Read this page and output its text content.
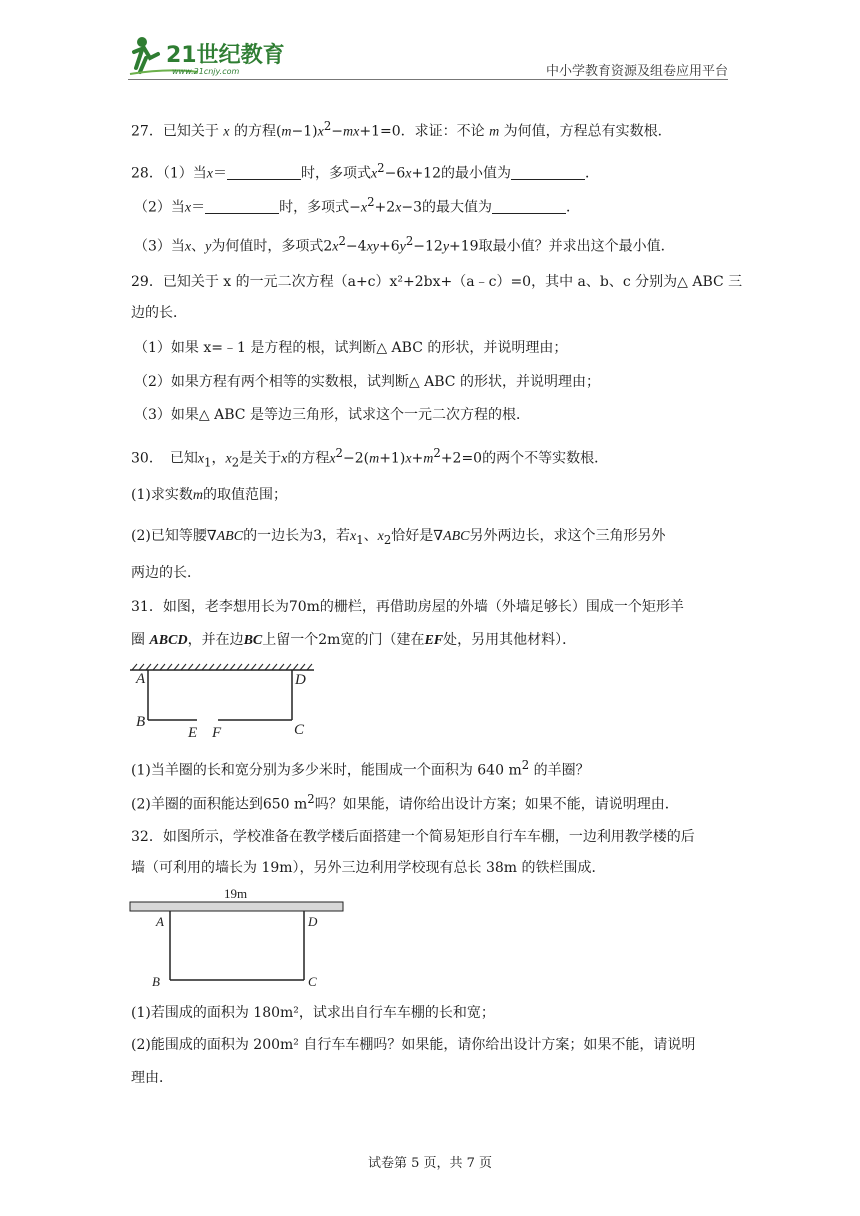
21世纪教育
www.21cnjy.com	中小学教育资源及组卷应用平台
27．已知关于 x 的方程$(m-1)x^2-mx+1=0$．求证：不论 m 为何值，方程总有实数根．
28．（1）当x＝	时，多项式$x^2-6x+12$的最小值为	．
（2）当x＝	时，多项式$-x^2+2x-3$的最大值为	．
（3）当x、y为何值时，多项式$2x^2-4xy+6y^2-12y+19$取最小值？并求出这个最小值．
29．已知关于 x 的一元二次方程（a+c）x²+2bx+（a﹣c）=0，其中 a、b、c 分别为△ ABC 三
边的长．
（1）如果 x=﹣1 是方程的根，试判断△ ABC 的形状，并说明理由；
（2）如果方程有两个相等的实数根，试判断△ ABC 的形状，并说明理由；
（3）如果△ ABC 是等边三角形，试求这个一元二次方程的根．
30．　已知$x_1$，$x_2$是关于x的方程$x^2-2(m+1)x+m^2+2=0$的两个不等实数根．
(1)求实数m的取值范围；
(2)已知等腰∇ABC的一边长为3，若$x_1$、$x_2$恰好是∇ABC另外两边长，求这个三角形另外
两边的长．
31．如图，老李想用长为70m的栅栏，再借助房屋的外墙（外墙足够长）围成一个矩形羊
圈 ABCD，并在边BC上留一个2m宽的门（建在EF处，另用其他材料）．
A
B	C
D
E F
(1)当羊圈的长和宽分别为多少米时，能围成一个面积为 640 $m^2$ 的羊圈？
(2)羊圈的面积能达到650 $m^2$吗？如果能，请你给出设计方案；如果不能，请说明理由．
32．如图所示，学校准备在教学楼后面搭建一个简易矩形自行车车棚，一边利用教学楼的后
墙（可利用的墙长为 19m），另外三边利用学校现有总长 38m 的铁栏围成．
19m
A
B	C
D
(1)若围成的面积为 180m²，试求出自行车车棚的长和宽；
(2)能围成的面积为 200m² 自行车车棚吗？如果能，请你给出设计方案；如果不能，请说明
理由．
试卷第 5 页，共 7 页
